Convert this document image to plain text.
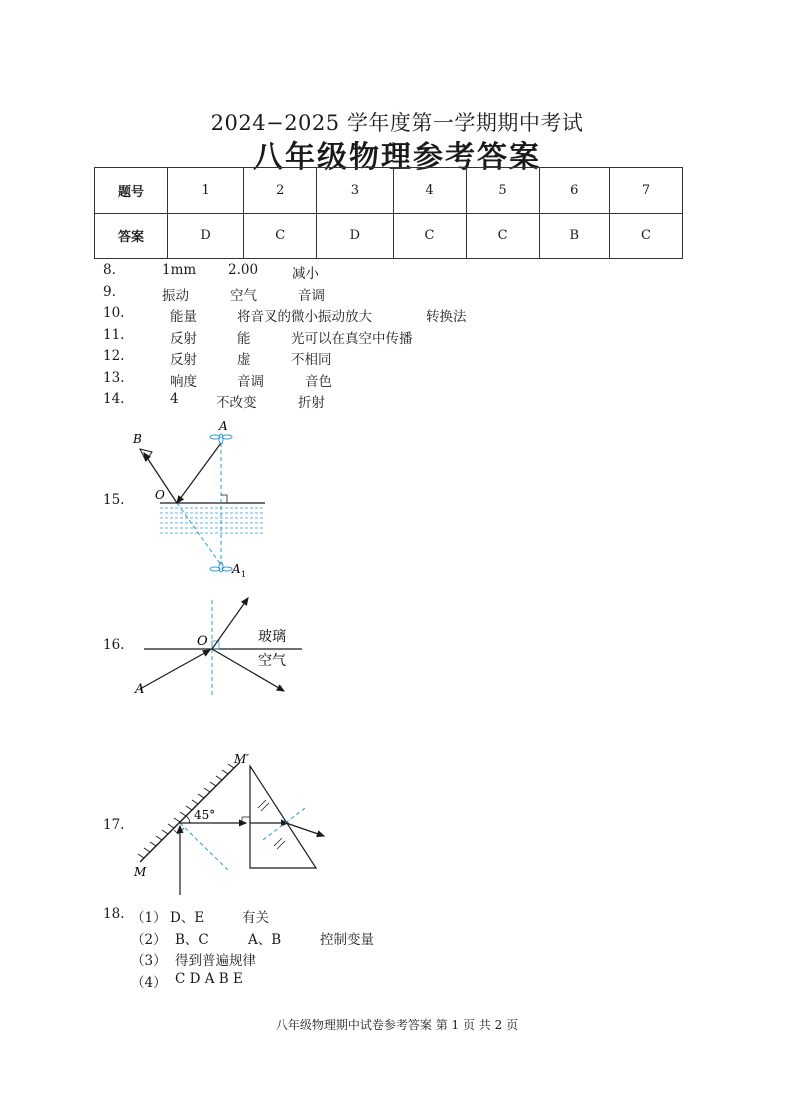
2024−2025 学年度第一学期期中考试
八年级物理参考答案
题号	1	2	3	4	5	6	7
答案	D	C	D	C	C	B	C
8.	1mm 2.00	减小
9.	振动	空气	音调
10.	能量	将音叉的微小振动放大	转换法
11.	反射	能	光可以在真空中传播
12.	反射	虚	不相同
13.	响度	音调	音色
14.	4	不改变	折射
15.
B
A
O
A 1
16.	O	玻璃
空气
A
17.
45°
M′
M
18. （1） D、E	有关
（2） B、C	A、B	控制变量
（3） 得到普遍规律
（4） C D A B E
八年级物理期中试卷参考答案 第 1 页 共 2 页
